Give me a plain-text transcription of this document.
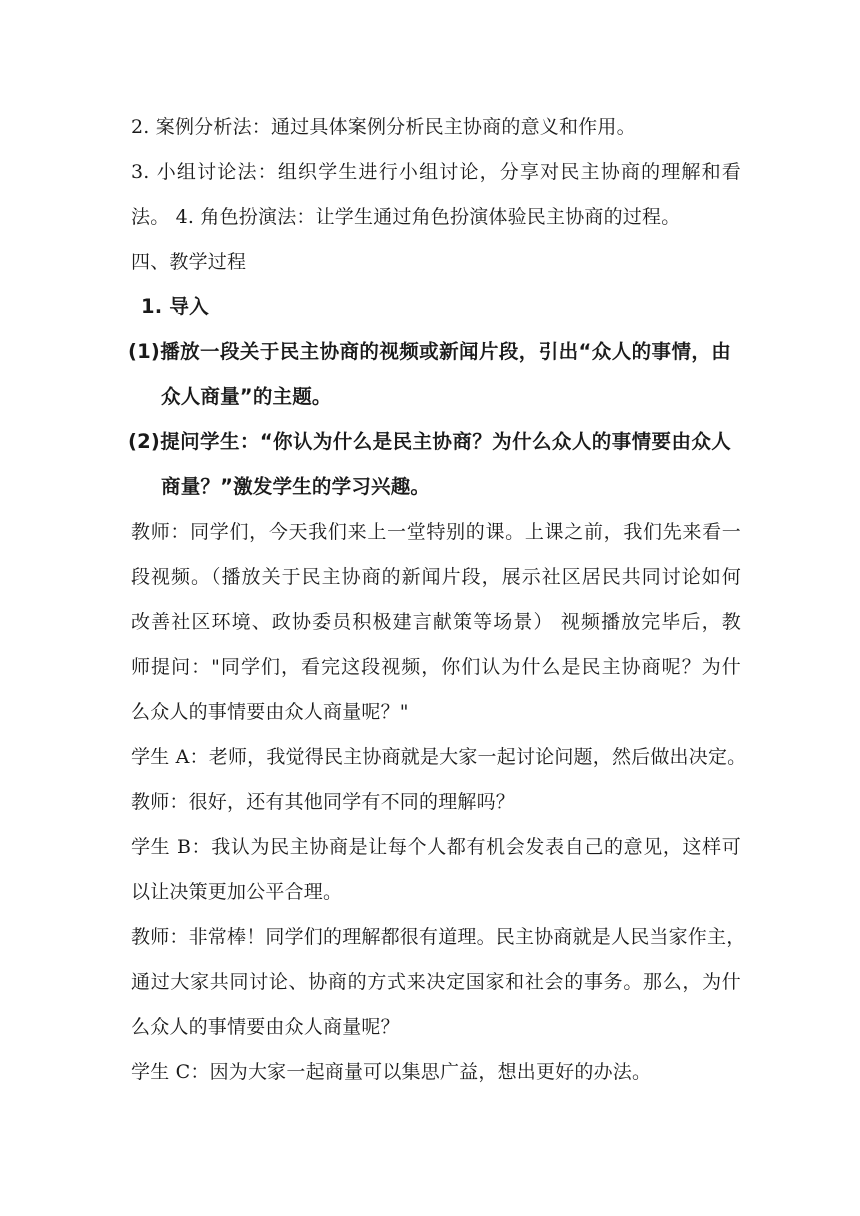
2. 案例分析法：通过具体案例分析民主协商的意义和作用。
3. 小组讨论法：组织学生进行小组讨论，分享对民主协商的理解和看
法。 4. 角色扮演法：让学生通过角色扮演体验民主协商的过程。
四、教学过程
1. 导入
(1)播放一段关于民主协商的视频或新闻片段，引出“众人的事情，由
众人商量”的主题。
(2)提问学生：“你认为什么是民主协商？为什么众人的事情要由众人
商量？”激发学生的学习兴趣。
教师：同学们，今天我们来上一堂特别的课。上课之前，我们先来看一
段视频。（播放关于民主协商的新闻片段，展示社区居民共同讨论如何
改善社区环境、政协委员积极建言献策等场景） 视频播放完毕后，教
师提问："同学们，看完这段视频，你们认为什么是民主协商呢？为什
么众人的事情要由众人商量呢？"
学生 A：老师，我觉得民主协商就是大家一起讨论问题，然后做出决定。
教师：很好，还有其他同学有不同的理解吗？
学生 B：我认为民主协商是让每个人都有机会发表自己的意见，这样可
以让决策更加公平合理。
教师：非常棒！同学们的理解都很有道理。民主协商就是人民当家作主，
通过大家共同讨论、协商的方式来决定国家和社会的事务。那么，为什
么众人的事情要由众人商量呢？
学生 C：因为大家一起商量可以集思广益，想出更好的办法。
